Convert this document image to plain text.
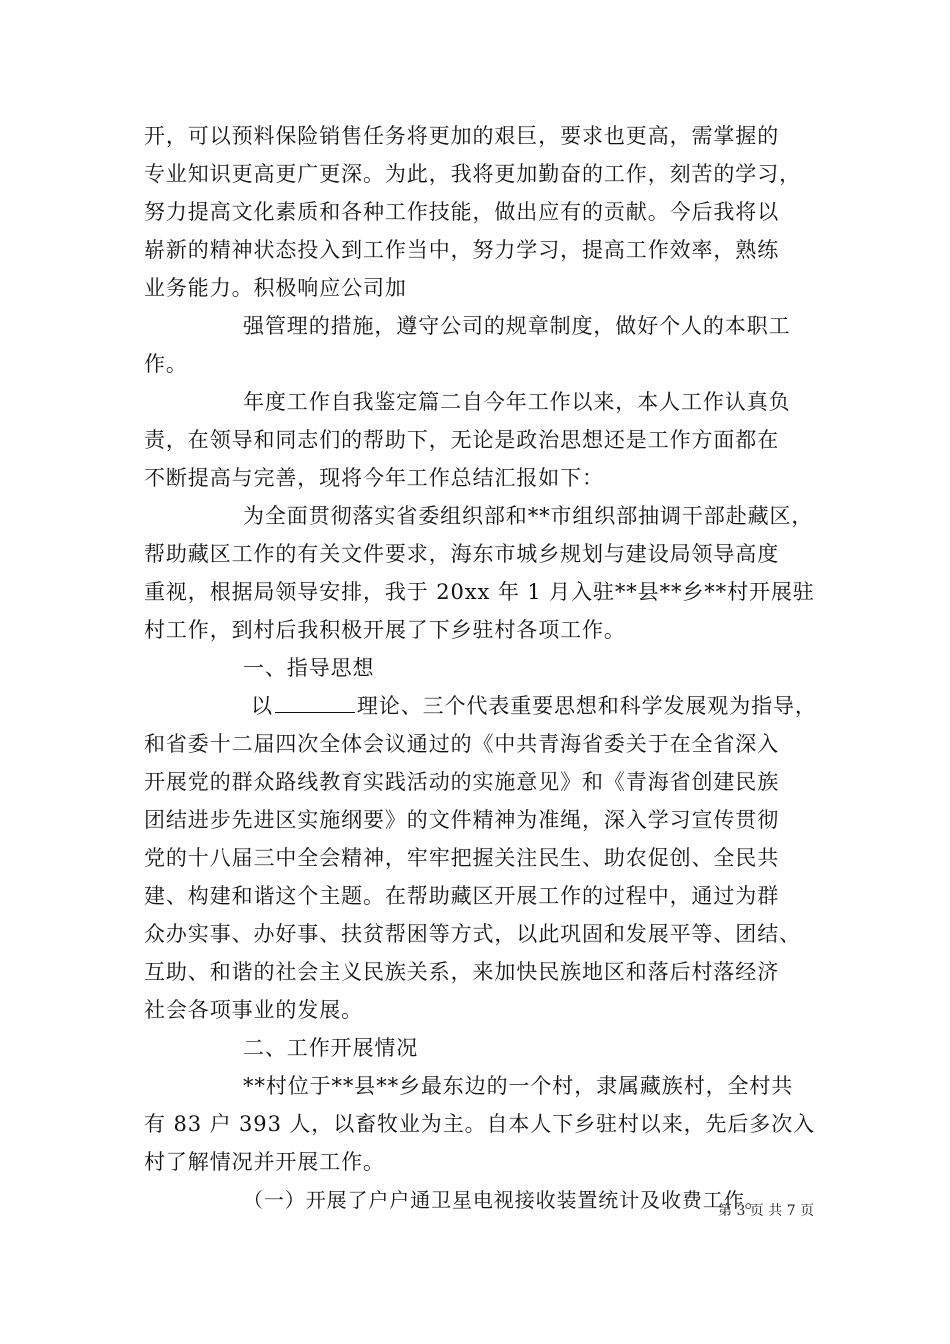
开，可以预料保险销售任务将更加的艰巨，要求也更高，需掌握的
专业知识更高更广更深。为此，我将更加勤奋的工作，刻苦的学习，
努力提高文化素质和各种工作技能，做出应有的贡献。今后我将以
崭新的精神状态投入到工作当中，努力学习，提高工作效率，熟练
业务能力。积极响应公司加
强管理的措施，遵守公司的规章制度，做好个人的本职工
作。
年度工作自我鉴定篇二自今年工作以来，本人工作认真负
责，在领导和同志们的帮助下，无论是政治思想还是工作方面都在
不断提高与完善，现将今年工作总结汇报如下：
为全面贯彻落实省委组织部和**市组织部抽调干部赴藏区，
帮助藏区工作的有关文件要求，海东市城乡规划与建设局领导高度
重视，根据局领导安排，我于 20xx 年 1 月入驻**县**乡**村开展驻
村工作，到村后我积极开展了下乡驻村各项工作。
一、指导思想
以	理论、三个代表重要思想和科学发展观为指导，
和省委十二届四次全体会议通过的《中共青海省委关于在全省深入
开展党的群众路线教育实践活动的实施意见》和《青海省创建民族
团结进步先进区实施纲要》的文件精神为准绳，深入学习宣传贯彻
党的十八届三中全会精神，牢牢把握关注民生、助农促创、全民共
建、构建和谐这个主题。在帮助藏区开展工作的过程中，通过为群
众办实事、办好事、扶贫帮困等方式，以此巩固和发展平等、团结、
互助、和谐的社会主义民族关系，来加快民族地区和落后村落经济
社会各项事业的发展。
二、工作开展情况
**村位于**县**乡最东边的一个村，隶属藏族村，全村共
有 83 户 393 人，以畜牧业为主。自本人下乡驻村以来，先后多次入
村了解情况并开展工作。
（一）开展了户户通卫星电视接收装置统计及收费工作。
第 3 页 共 7 页
